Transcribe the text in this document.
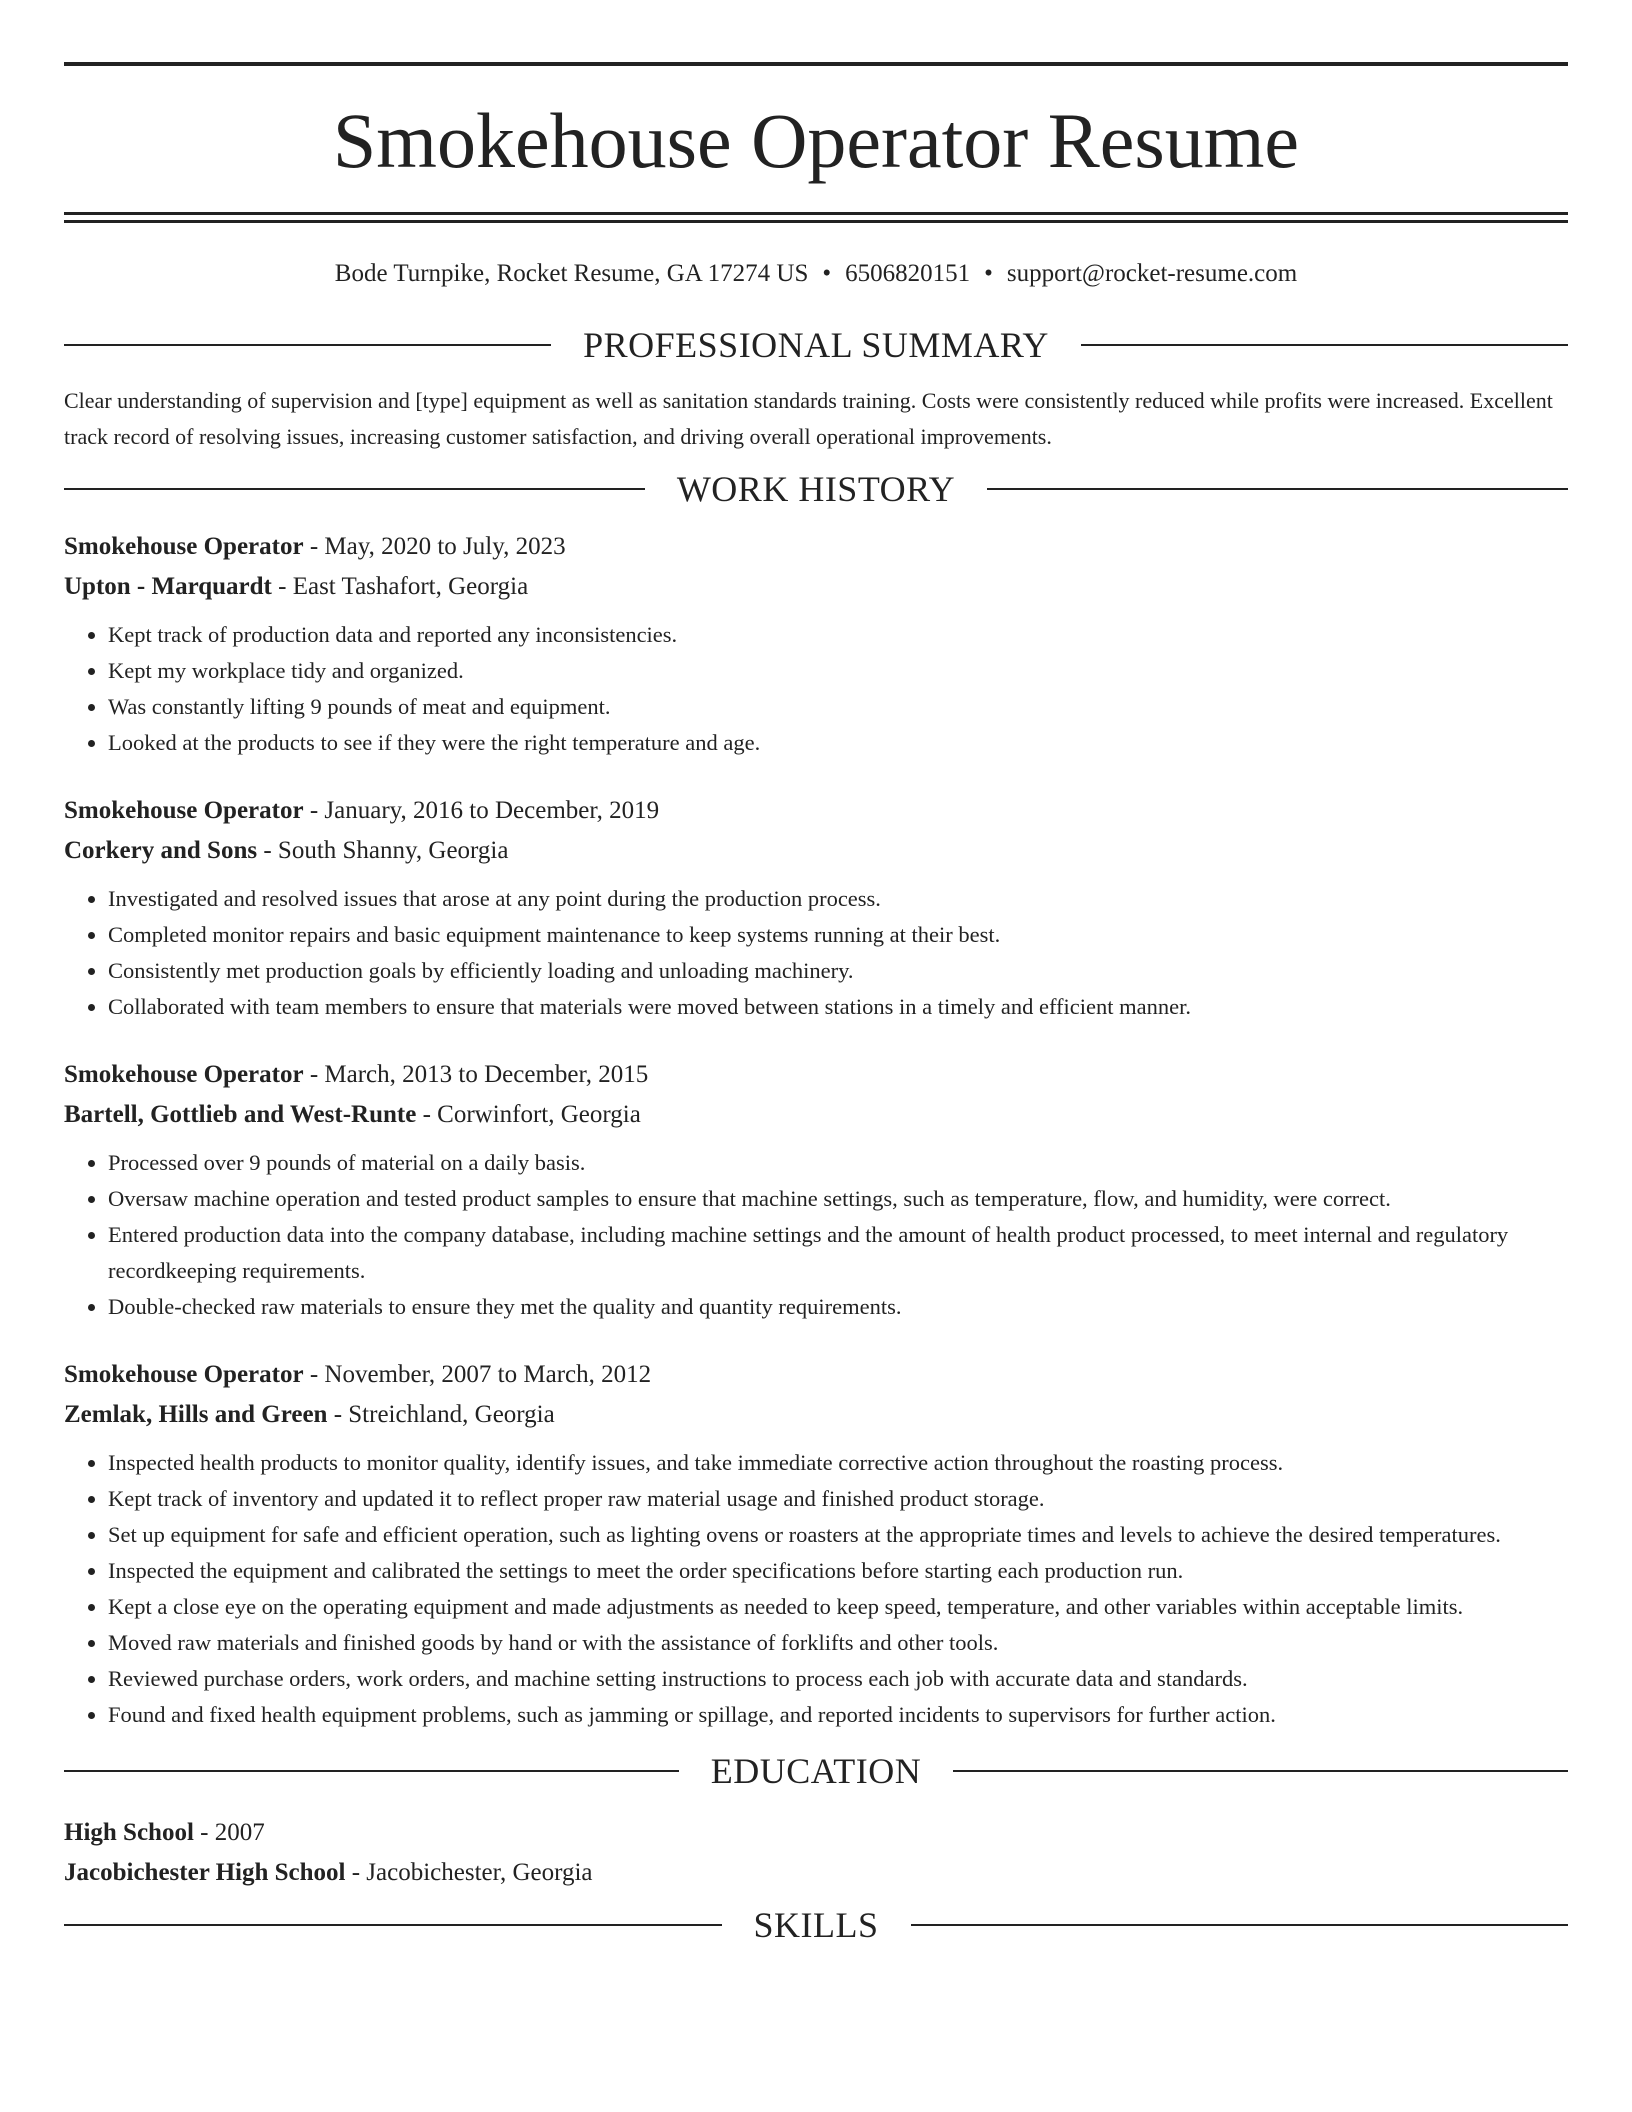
Smokehouse Operator Resume
Bode Turnpike, Rocket Resume, GA 17274 US • 6506820151 • support@rocket-resume.com
PROFESSIONAL SUMMARY

Clear understanding of supervision and [type] equipment as well as sanitation standards training. Costs were consistently reduced while profits were increased. Excellent track record of resolving issues, increasing customer satisfaction, and driving overall operational improvements.

WORK HISTORY
Smokehouse Operator - May, 2020 to July, 2023
Upton - Marquardt - East Tashafort, Georgia
• Kept track of production data and reported any inconsistencies.
• Kept my workplace tidy and organized.
• Was constantly lifting 9 pounds of meat and equipment.
• Looked at the products to see if they were the right temperature and age.
Smokehouse Operator - January, 2016 to December, 2019
Corkery and Sons - South Shanny, Georgia
• Investigated and resolved issues that arose at any point during the production process.
• Completed monitor repairs and basic equipment maintenance to keep systems running at their best.
• Consistently met production goals by efficiently loading and unloading machinery.
• Collaborated with team members to ensure that materials were moved between stations in a timely and efficient manner.
Smokehouse Operator - March, 2013 to December, 2015
Bartell, Gottlieb and West-Runte - Corwinfort, Georgia
• Processed over 9 pounds of material on a daily basis.
• Oversaw machine operation and tested product samples to ensure that machine settings, such as temperature, flow, and humidity, were correct.
• Entered production data into the company database, including machine settings and the amount of health product processed, to meet internal and regulatory recordkeeping requirements.
• Double-checked raw materials to ensure they met the quality and quantity requirements.
Smokehouse Operator - November, 2007 to March, 2012
Zemlak, Hills and Green - Streichland, Georgia
• Inspected health products to monitor quality, identify issues, and take immediate corrective action throughout the roasting process.
• Kept track of inventory and updated it to reflect proper raw material usage and finished product storage.
• Set up equipment for safe and efficient operation, such as lighting ovens or roasters at the appropriate times and levels to achieve the desired temperatures.
• Inspected the equipment and calibrated the settings to meet the order specifications before starting each production run.
• Kept a close eye on the operating equipment and made adjustments as needed to keep speed, temperature, and other variables within acceptable limits.
• Moved raw materials and finished goods by hand or with the assistance of forklifts and other tools.
• Reviewed purchase orders, work orders, and machine setting instructions to process each job with accurate data and standards.
• Found and fixed health equipment problems, such as jamming or spillage, and reported incidents to supervisors for further action.
EDUCATION
High School - 2007
Jacobichester High School - Jacobichester, Georgia
SKILLS
